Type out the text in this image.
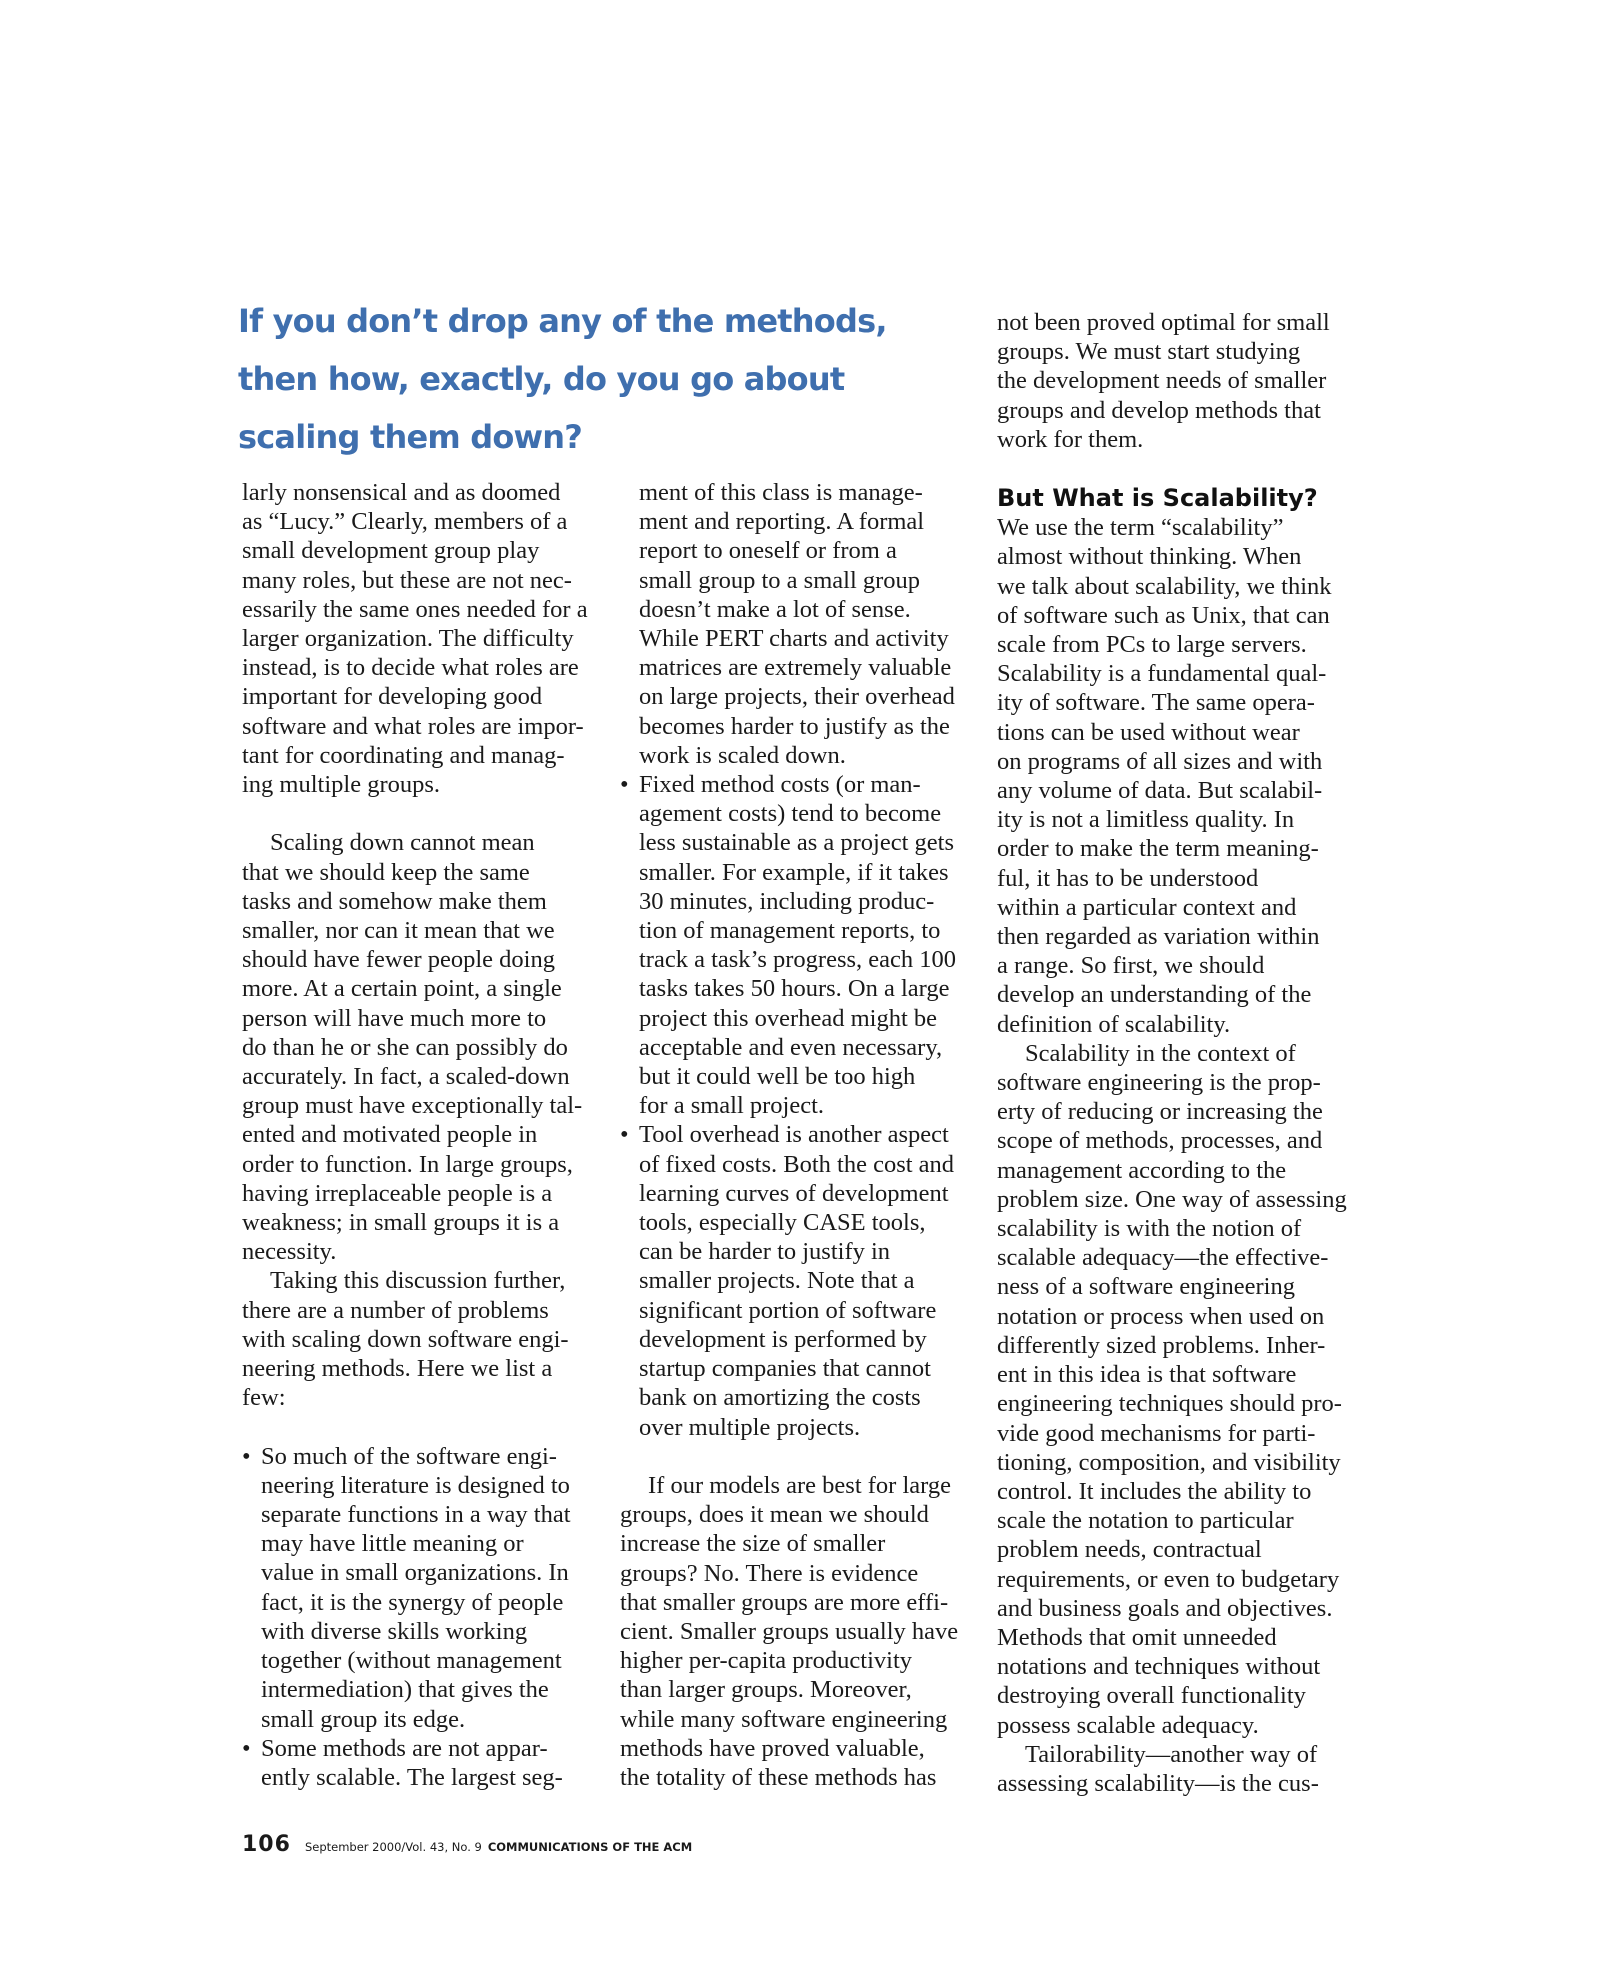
If you don’t drop any of the methods,
then how, exactly, do you go about
scaling them down?

larly nonsensical and as doomed

as “Lucy.” Clearly, members of a

small development group play

many roles, but these are not nec-

essarily the same ones needed for a

larger organization. The difficulty

instead, is to decide what roles are

important for developing good

software and what roles are impor-

tant for coordinating and manag-

ing multiple groups.

Scaling down cannot mean

that we should keep the same

tasks and somehow make them

smaller, nor can it mean that we

should have fewer people doing

more. At a certain point, a single

person will have much more to

do than he or she can possibly do

accurately. In fact, a scaled-down

group must have exceptionally tal-

ented and motivated people in

order to function. In large groups,

having irreplaceable people is a

weakness; in small groups it is a

necessity.

Taking this discussion further,

there are a number of problems

with scaling down software engi-

neering methods. Here we list a

few:

• So much of the software engi-

neering literature is designed to

separate functions in a way that

may have little meaning or

value in small organizations. In

fact, it is the synergy of people

with diverse skills working

together (without management

intermediation) that gives the

small group its edge.

• Some methods are not appar-

ently scalable. The largest seg-

ment of this class is manage-

ment and reporting. A formal

report to oneself or from a

small group to a small group

doesn’t make a lot of sense.

While PERT charts and activity

matrices are extremely valuable

on large projects, their overhead

becomes harder to justify as the

work is scaled down.

• Fixed method costs (or man-

agement costs) tend to become

less sustainable as a project gets

smaller. For example, if it takes

30 minutes, including produc-

tion of management reports, to

track a task’s progress, each 100

tasks takes 50 hours. On a large

project this overhead might be

acceptable and even necessary,

but it could well be too high

for a small project.

• Tool overhead is another aspect

of fixed costs. Both the cost and

learning curves of development

tools, especially CASE tools,

can be harder to justify in

smaller projects. Note that a

significant portion of software

development is performed by

startup companies that cannot

bank on amortizing the costs

over multiple projects.

If our models are best for large

groups, does it mean we should

increase the size of smaller

groups? No. There is evidence

that smaller groups are more effi-

cient. Smaller groups usually have

higher per-capita productivity

than larger groups. Moreover,

while many software engineering

methods have proved valuable,

the totality of these methods has

not been proved optimal for small

groups. We must start studying

the development needs of smaller

groups and develop methods that

work for them.

But What is Scalability?

We use the term “scalability”

almost without thinking. When

we talk about scalability, we think

of software such as Unix, that can

scale from PCs to large servers.

Scalability is a fundamental qual-

ity of software. The same opera-

tions can be used without wear

on programs of all sizes and with

any volume of data. But scalabil-

ity is not a limitless quality. In

order to make the term meaning-

ful, it has to be understood

within a particular context and

then regarded as variation within

a range. So first, we should

develop an understanding of the

definition of scalability.

Scalability in the context of

software engineering is the prop-

erty of reducing or increasing the

scope of methods, processes, and

management according to the

problem size. One way of assessing

scalability is with the notion of

scalable adequacy—the effective-

ness of a software engineering

notation or process when used on

differently sized problems. Inher-

ent in this idea is that software

engineering techniques should pro-

vide good mechanisms for parti-

tioning, composition, and visibility

control. It includes the ability to

scale the notation to particular

problem needs, contractual

requirements, or even to budgetary

and business goals and objectives.

Methods that omit unneeded

notations and techniques without

destroying overall functionality

possess scalable adequacy.

Tailorability—another way of

assessing scalability—is the cus-

106 September 2000/Vol. 43, No. 9 COMMUNICATIONS OF THE ACM
